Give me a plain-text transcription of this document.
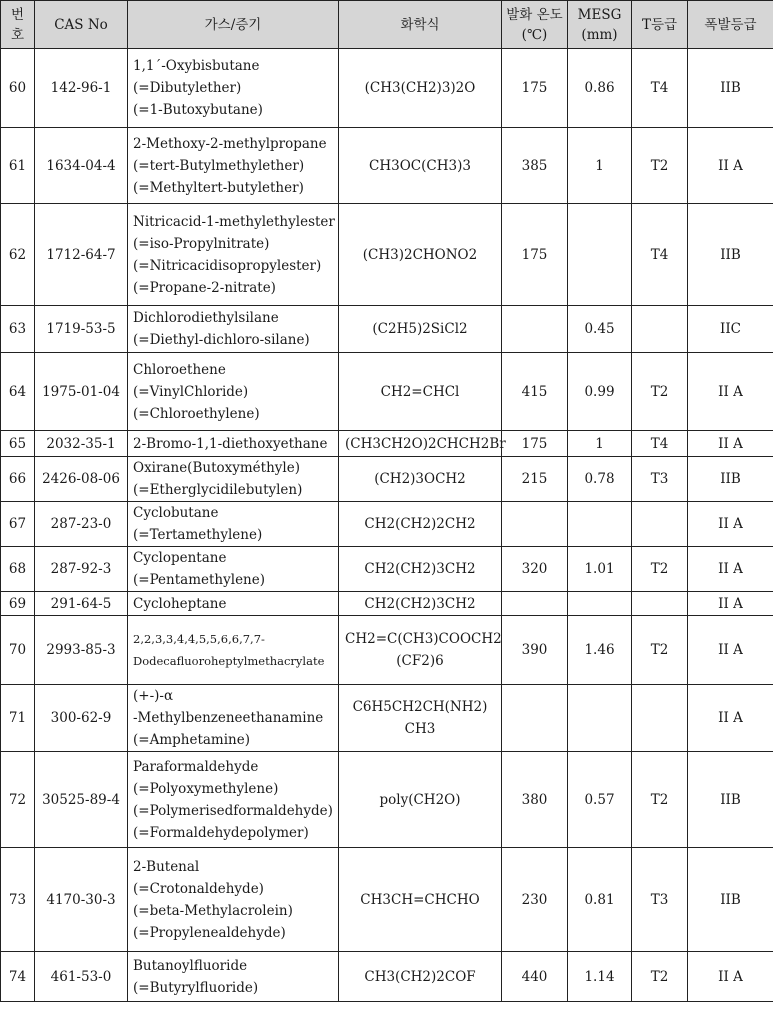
번호	CAS No	가스/증기	화학식	발화 온도(℃)	MESG (mm)	T등급	폭발등급
60	142-96-1	1,1´-Oxybisbutane
(=Dibutylether)
(=1-Butoxybutane)	(CH3(CH2)3)2O	175	0.86	T4	IIB
61	1634-04-4	2-Methoxy-2-methylpropane
(=tert-Butylmethylether)
(=Methyltert-butylether)	CH3OC(CH3)3	385	1	T2	II A
62	1712-64-7	Nitricacid-1-methylethylester
(=iso-Propylnitrate)
(=Nitricacidisopropylester)
(=Propane-2-nitrate)	(CH3)2CHONO2	175		T4	IIB
63	1719-53-5	Dichlorodiethylsilane
(=Diethyl-dichloro-silane)	(C2H5)2SiCl2		0.45		IIC
64	1975-01-04	Chloroethene
(=VinylChloride)
(=Chloroethylene)	CH2=CHCl	415	0.99	T2	II A
65	2032-35-1	2-Bromo-1,1-diethoxyethane	(CH3CH2O)2CHCH2Br	175	1	T4	II A
66	2426-08-06	Oxirane(Butoxyméthyle)
(=Etherglycidilebutylen)	(CH2)3OCH2	215	0.78	T3	IIB
67	287-23-0	Cyclobutane
(=Tertamethylene)	CH2(CH2)2CH2				II A
68	287-92-3	Cyclopentane
(=Pentamethylene)	CH2(CH2)3CH2	320	1.01	T2	II A
69	291-64-5	Cycloheptane	CH2(CH2)3CH2				II A
70	2993-85-3	2,2,3,3,4,4,5,5,6,6,7,7-
Dodecafluoroheptylmethacrylate	CH2=C(CH3)COOCH2
(CF2)6	390	1.46	T2	II A
71	300-62-9	(+-)-α
-Methylbenzeneethanamine
(=Amphetamine)	C6H5CH2CH(NH2)
CH3				II A
72	30525-89-4	Paraformaldehyde
(=Polyoxymethylene)
(=Polymerisedformaldehyde)
(=Formaldehydepolymer)	poly(CH2O)	380	0.57	T2	IIB
73	4170-30-3	2-Butenal
(=Crotonaldehyde)
(=beta-Methylacrolein)
(=Propylenealdehyde)	CH3CH=CHCHO	230	0.81	T3	IIB
74	461-53-0	Butanoylfluoride
(=Butyrylfluoride)	CH3(CH2)2COF	440	1.14	T2	II A
